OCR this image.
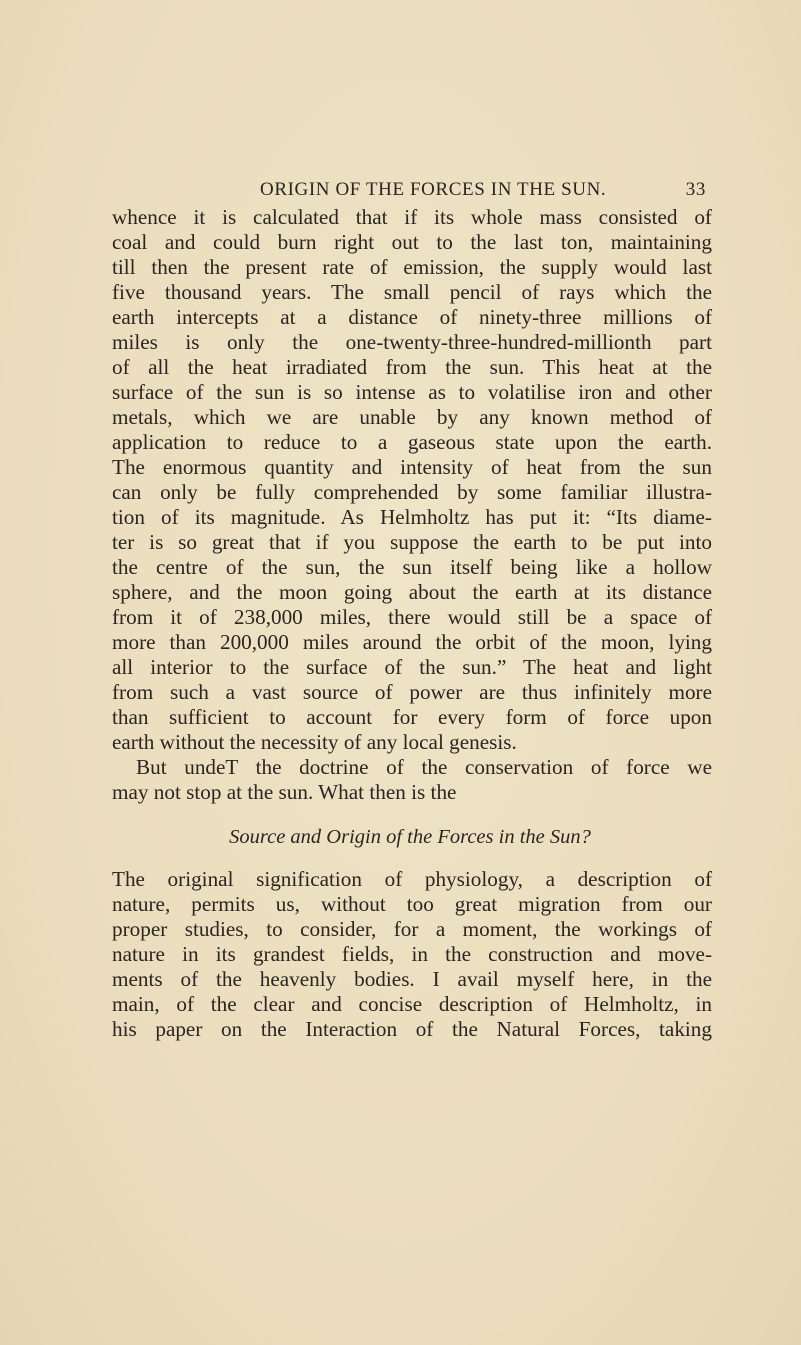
ORIGIN OF THE FORCES IN THE SUN.	33
whence it is calculated that if its whole mass consisted of
coal and could burn right out to the last ton, maintaining
till then the present rate of emission, the supply would last
five thousand years. The small pencil of rays which the
earth intercepts at a distance of ninety-three millions of
miles is only the one-twenty-three-hundred-millionth part
of all the heat irradiated from the sun. This heat at the
surface of the sun is so intense as to volatilise iron and other
metals, which we are unable by any known method of
application to reduce to a gaseous state upon the earth.
The enormous quantity and intensity of heat from the sun
can only be fully comprehended by some familiar illustra-
tion of its magnitude. As Helmholtz has put it: “Its diame-
ter is so great that if you suppose the earth to be put into
the centre of the sun, the sun itself being like a hollow
sphere, and the moon going about the earth at its distance
from it of 238,000 miles, there would still be a space of
more than 200,000 miles around the orbit of the moon, lying
all interior to the surface of the sun.” The heat and light
from such a vast source of power are thus infinitely more
than sufficient to account for every form of force upon
earth without the necessity of any local genesis.
But undeT the doctrine of the conservation of force we
may not stop at the sun. What then is the
Source and Origin of the Forces in the Sun?
The original signification of physiology, a description of
nature, permits us, without too great migration from our
proper studies, to consider, for a moment, the workings of
nature in its grandest fields, in the construction and move-
ments of the heavenly bodies. I avail myself here, in the
main, of the clear and concise description of Helmholtz, in
his paper on the Interaction of the Natural Forces, taking
